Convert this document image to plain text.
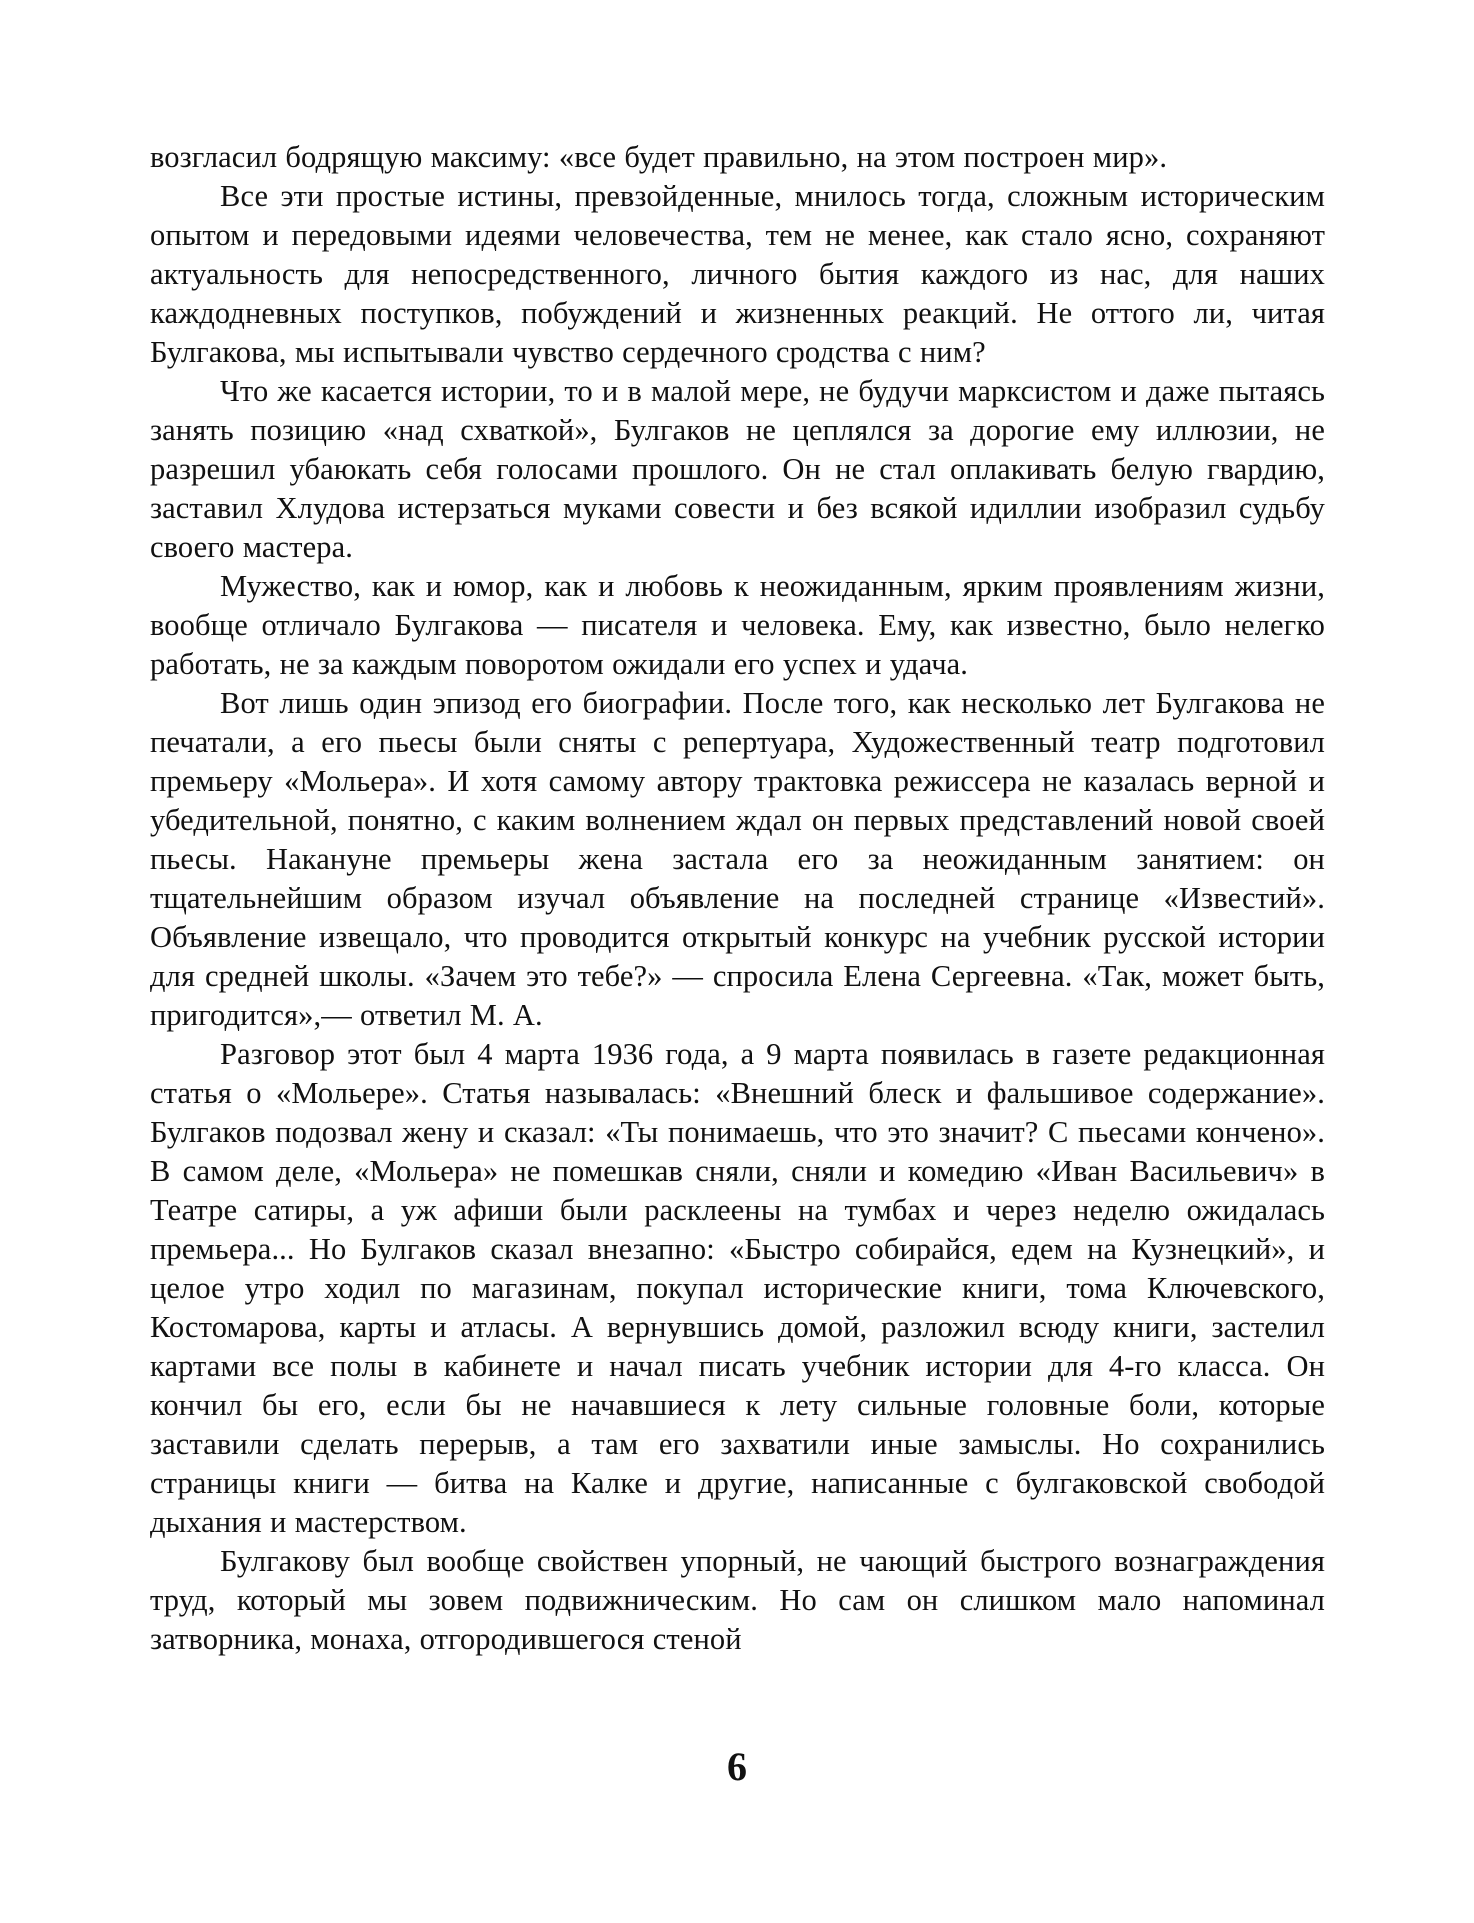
возгласил бодрящую максиму: «все будет правильно, на этом построен мир».

Все эти простые истины, превзойденные, мнилось тогда, сложным историческим опытом и передовыми идеями человечества, тем не менее, как стало ясно, сохраняют актуальность для непосредственного, личного бытия каждого из нас, для наших каждодневных поступков, побуждений и жизненных реакций. Не оттого ли, читая Булгакова, мы испытывали чувство сердечного сродства с ним?

Что же касается истории, то и в малой мере, не будучи марксистом и даже пытаясь занять позицию «над схваткой», Булгаков не цеплялся за дорогие ему иллюзии, не разрешил убаюкать себя голосами прошлого. Он не стал оплакивать белую гвардию, заставил Хлудова истерзаться муками совести и без всякой идиллии изобразил судьбу своего мастера.

Мужество, как и юмор, как и любовь к неожиданным, ярким проявлениям жизни, вообще отличало Булгакова — писателя и человека. Ему, как известно, было нелегко работать, не за каждым поворотом ожидали его успех и удача.

Вот лишь один эпизод его биографии. После того, как несколько лет Булгакова не печатали, а его пьесы были сняты с репертуара, Художественный театр подготовил премьеру «Мольера». И хотя самому автору трактовка режиссера не казалась верной и убедительной, понятно, с каким волнением ждал он первых представлений новой своей пьесы. Накануне премьеры жена застала его за неожиданным занятием: он тщательнейшим образом изучал объявление на последней странице «Известий». Объявление извещало, что проводится открытый конкурс на учебник русской истории для средней школы. «Зачем это тебе?» — спросила Елена Сергеевна. «Так, может быть, пригодится»,— ответил М. А.

Разговор этот был 4 марта 1936 года, а 9 марта появилась в газете редакционная статья о «Мольере». Статья называлась: «Внешний блеск и фальшивое содержание». Булгаков подозвал жену и сказал: «Ты понимаешь, что это значит? С пьесами кончено». В самом деле, «Мольера» не помешкав сняли, сняли и комедию «Иван Васильевич» в Театре сатиры, а уж афиши были расклеены на тумбах и через неделю ожидалась премьера... Но Булгаков сказал внезапно: «Быстро собирайся, едем на Кузнецкий», и целое утро ходил по магазинам, покупал исторические книги, тома Ключевского, Костомарова, карты и атласы. А вернувшись домой, разложил всюду книги, застелил картами все полы в кабинете и начал писать учебник истории для 4-го класса. Он кончил бы его, если бы не начавшиеся к лету сильные головные боли, которые заставили сделать перерыв, а там его захватили иные замыслы. Но сохранились страницы книги — битва на Калке и другие, написанные с булгаковской свободой дыхания и мастерством.

Булгакову был вообще свойствен упорный, не чающий быстрого вознаграждения труд, который мы зовем подвижническим. Но сам он слишком мало напоминал затворника, монаха, отгородившегося стеной

6
